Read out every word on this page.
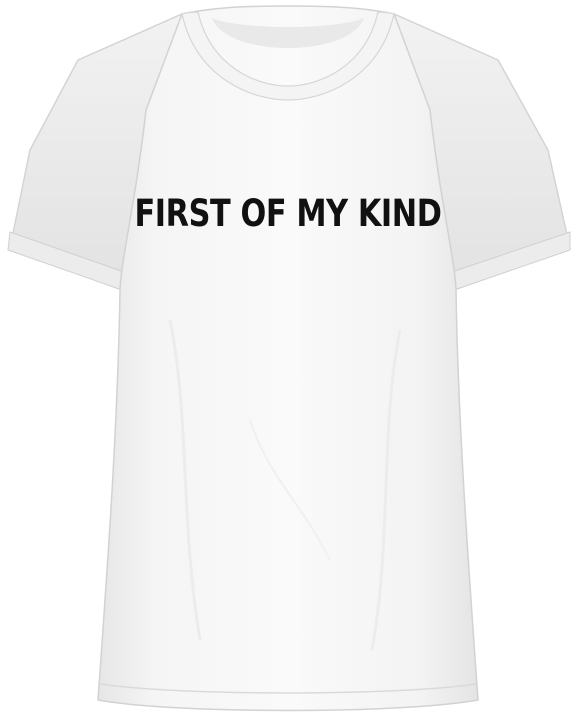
FIRST OF MY KIND
